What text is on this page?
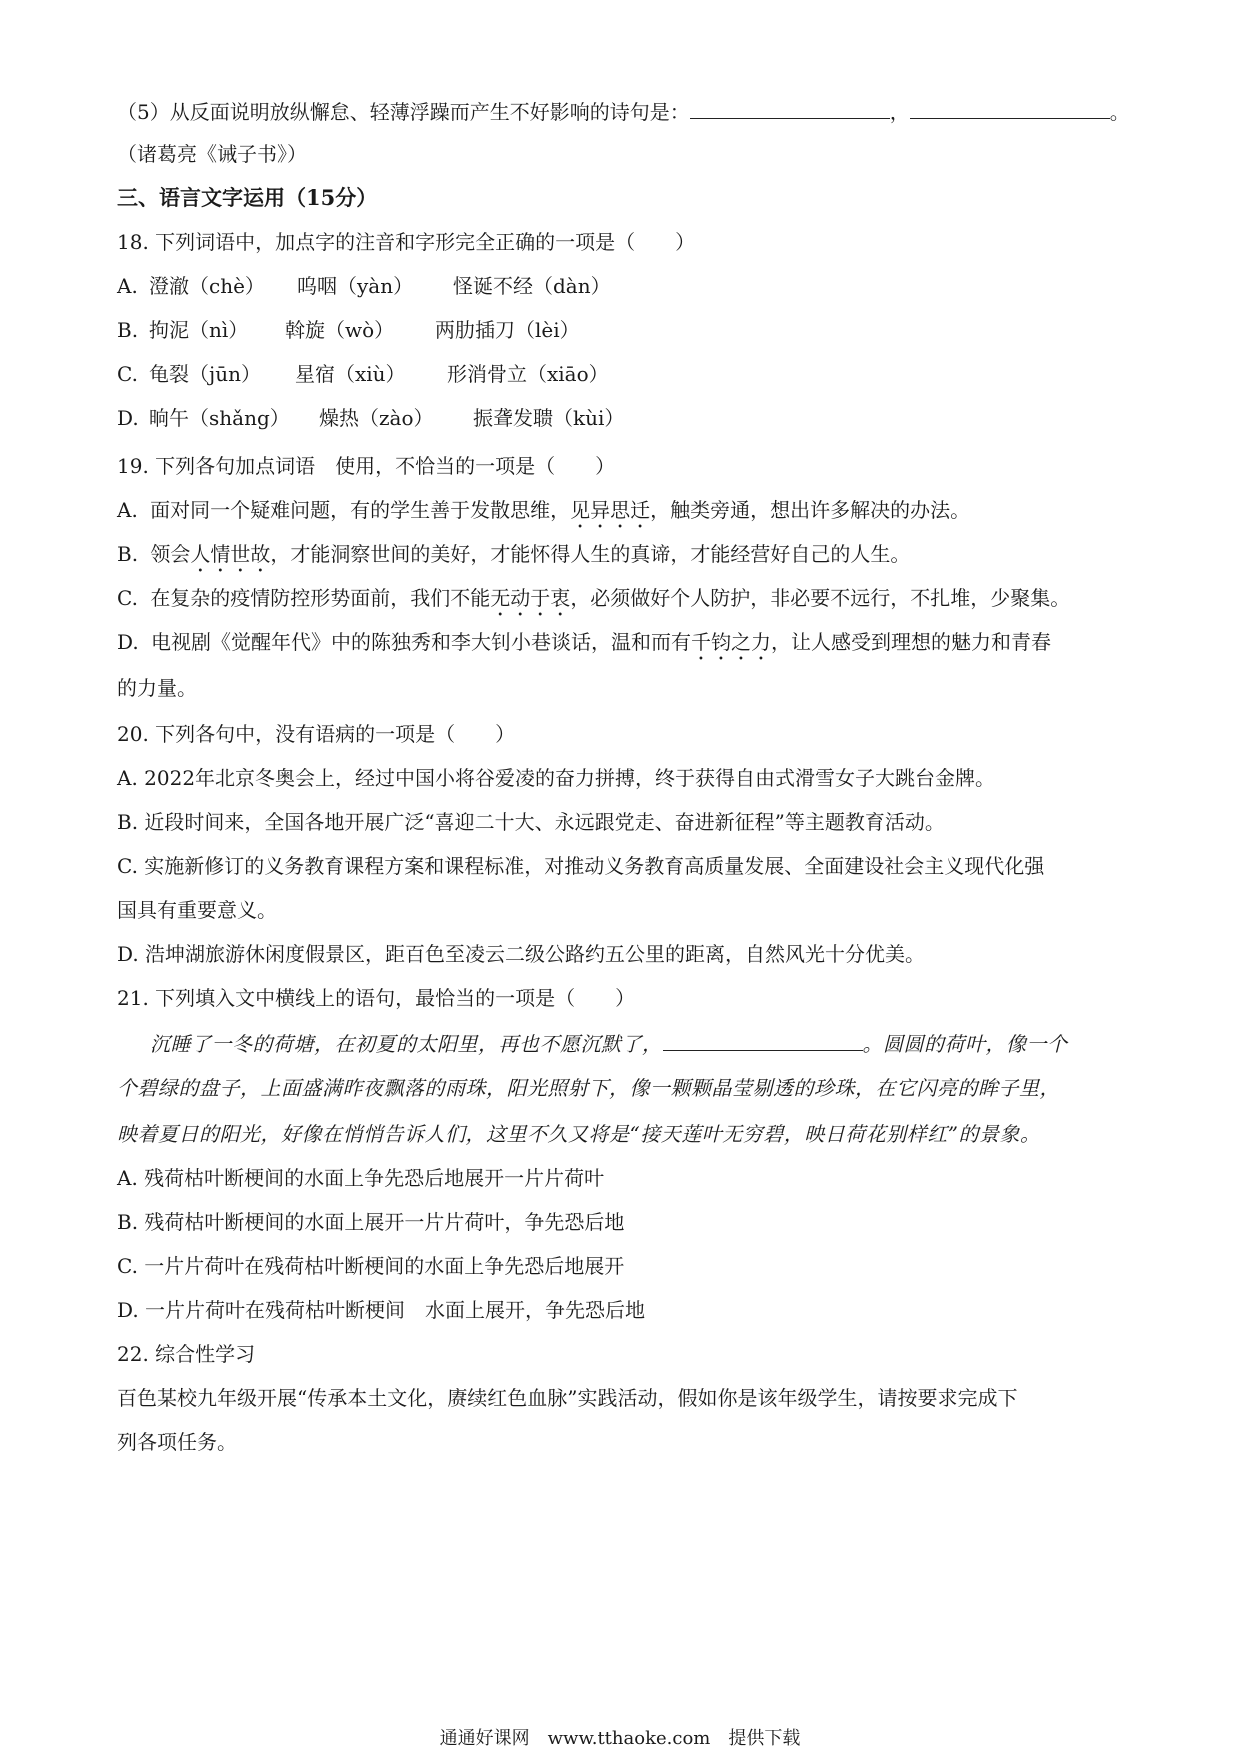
（5）从反面说明放纵懈怠、轻薄浮躁而产生不好影响的诗句是：	，	。
（诸葛亮《诫子书》）
三、语言文字运用（15分）
18. 下列词语中，加点字的注音和字形完全正确的一项是（　　）
A. 澄澈（chè） 呜咽（yàn） 怪诞不经（dàn）
B. 拘泥（nì） 斡旋（wò） 两肋插刀（lèi）
C. 龟裂（jūn） 星宿（xiù） 形消骨立（xiāo）
D. 晌午（shǎng） 燥热（zào） 振聋发聩（kùi）
19. 下列各句加点词语　使用，不恰当的一项是（　　）
A. 面对同一个疑难问题，有的学生善于发散思维，见异思迁，触类旁通，想出许多解决的办法。
B. 领会人情世故，才能洞察世间的美好，才能怀得人生的真谛，才能经营好自己的人生。
C. 在复杂的疫情防控形势面前，我们不能无动于衷，必须做好个人防护，非必要不远行，不扎堆，少聚集。
D. 电视剧《觉醒年代》中的陈独秀和李大钊小巷谈话，温和而有千钧之力，让人感受到理想的魅力和青春
的力量。
20. 下列各句中，没有语病的一项是（　　）
A. 2022年北京冬奥会上，经过中国小将谷爱凌的奋力拼搏，终于获得自由式滑雪女子大跳台金牌。
B. 近段时间来，全国各地开展广泛“喜迎二十大、永远跟党走、奋进新征程”等主题教育活动。
C. 实施新修订的义务教育课程方案和课程标准，对推动义务教育高质量发展、全面建设社会主义现代化强
国具有重要意义。
D. 浩坤湖旅游休闲度假景区，距百色至凌云二级公路约五公里的距离，自然风光十分优美。
21. 下列填入文中横线上的语句，最恰当的一项是（　　）
沉睡了一冬的荷塘，在初夏的太阳里，再也不愿沉默了，	。圆圆的荷叶，像一个
个碧绿的盘子，上面盛满昨夜飘落的雨珠，阳光照射下，像一颗颗晶莹剔透的珍珠，在它闪亮的眸子里，
映着夏日的阳光，好像在悄悄告诉人们，这里不久又将是“接天莲叶无穷碧，映日荷花别样红”的景象。
A. 残荷枯叶断梗间的水面上争先恐后地展开一片片荷叶
B. 残荷枯叶断梗间的水面上展开一片片荷叶，争先恐后地
C. 一片片荷叶在残荷枯叶断梗间的水面上争先恐后地展开
D. 一片片荷叶在残荷枯叶断梗间　水面上展开，争先恐后地
22. 综合性学习
百色某校九年级开展“传承本土文化，赓续红色血脉”实践活动，假如你是该年级学生，请按要求完成下
列各项任务。
通通好课网　www.tthaoke.com　提供下载
